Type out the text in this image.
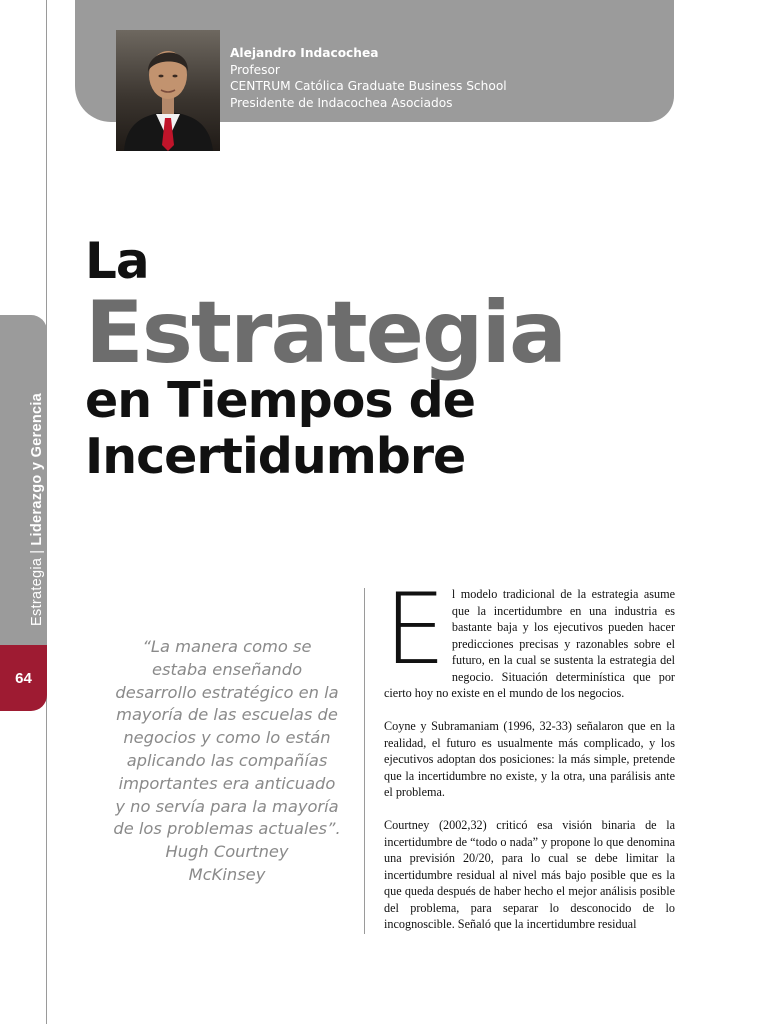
Estrategia|Liderazgo y Gerencia
64
Alejandro Indacochea
Profesor
CENTRUM Católica Graduate Business School
Presidente de Indacochea Asociados
La
Estrategia
en Tiempos de
Incertidumbre
“La manera como se estaba enseñando desarrollo estratégico en la mayoría de las escuelas de negocios y como lo están aplicando las compañías importantes era anticuado y no servía para la mayoría de los problemas actuales”.
Hugh Courtney
McKinsey

El modelo tradicional de la estrategia asume que la incertidumbre en una industria es bastante baja y los ejecutivos pueden hacer predicciones precisas y razonables sobre el futuro, en la cual se sustenta la estrategia del negocio. Situación determinística que por cierto hoy no existe en el mundo de los negocios.

Coyne y Subramaniam (1996, 32-33) señalaron que en la realidad, el futuro es usualmente más complicado, y los ejecutivos adoptan dos posiciones: la más simple, pretende que la incertidumbre no existe, y la otra, una parálisis ante el problema.

Courtney (2002,32) criticó esa visión binaria de la incertidumbre de “todo o nada” y propone lo que denomina una previsión 20/20, para lo cual se debe limitar la incertidumbre residual al nivel más bajo posible que es la que queda después de haber hecho el mejor análisis posible del problema, para separar lo desconocido de lo incognoscible. Señaló que la incertidumbre residual
